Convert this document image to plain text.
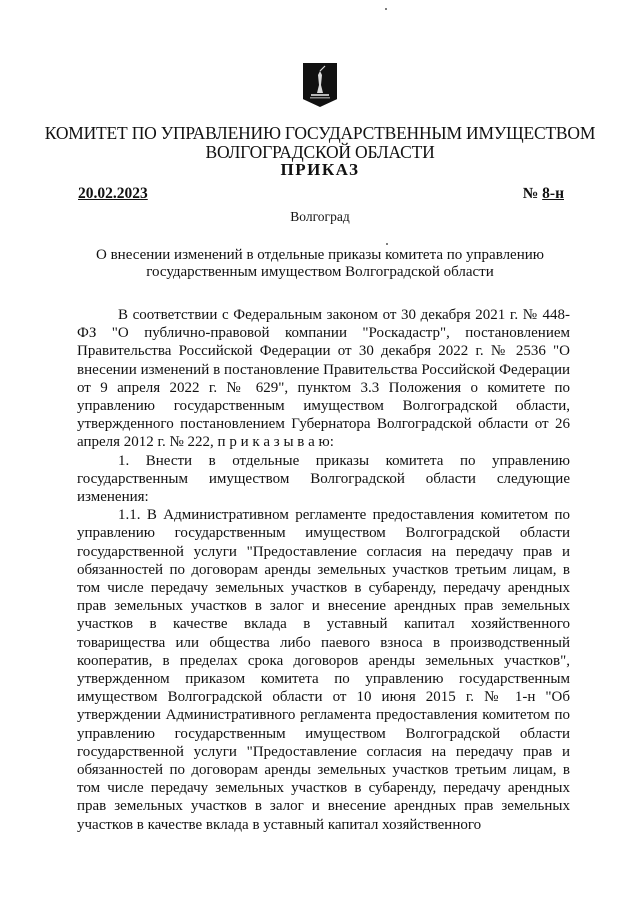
КОМИТЕТ ПО УПРАВЛЕНИЮ ГОСУДАРСТВЕННЫМ ИМУЩЕСТВОМ
ВОЛГОГРАДСКОЙ ОБЛАСТИ
ПРИКАЗ
20.02.2023	№ 8-н
Волгоград
О внесении изменений в отдельные приказы комитета по управлению
государственным имуществом Волгоградской области

В соответствии с Федеральным законом от 30 декабря 2021 г. № 448-ФЗ "О публично-правовой компании "Роскадастр", постановлением Правительства Российской Федерации от 30 декабря 2022 г. № 2536 "О внесении изменений в постановление Правительства Российской Федерации от 9 апреля 2022 г. № 629", пунктом 3.3 Положения о комитете по управлению государственным имуществом Волгоградской области, утвержденного постановлением Губернатора Волгоградской области от 26 апреля 2012 г. № 222, п р и к а з ы в а ю:

1. Внести в отдельные приказы комитета по управлению государственным имуществом Волгоградской области следующие изменения:

1.1. В Административном регламенте предоставления комитетом по управлению государственным имуществом Волгоградской области государственной услуги "Предоставление согласия на передачу прав и обязанностей по договорам аренды земельных участков третьим лицам, в том числе передачу земельных участков в субаренду, передачу арендных прав земельных участков в залог и внесение арендных прав земельных участков в качестве вклада в уставный капитал хозяйственного товарищества или общества либо паевого взноса в производственный кооператив, в пределах срока договоров аренды земельных участков", утвержденном приказом комитета по управлению государственным имуществом Волгоградской области от 10 июня 2015 г. № 1-н "Об утверждении Административного регламента предоставления комитетом по управлению государственным имуществом Волгоградской области государственной услуги "Предоставление согласия на передачу прав и обязанностей по договорам аренды земельных участков третьим лицам, в том числе передачу земельных участков в субаренду, передачу арендных прав земельных участков в залог и внесение арендных прав земельных участков в качестве вклада в уставный капитал хозяйственного
